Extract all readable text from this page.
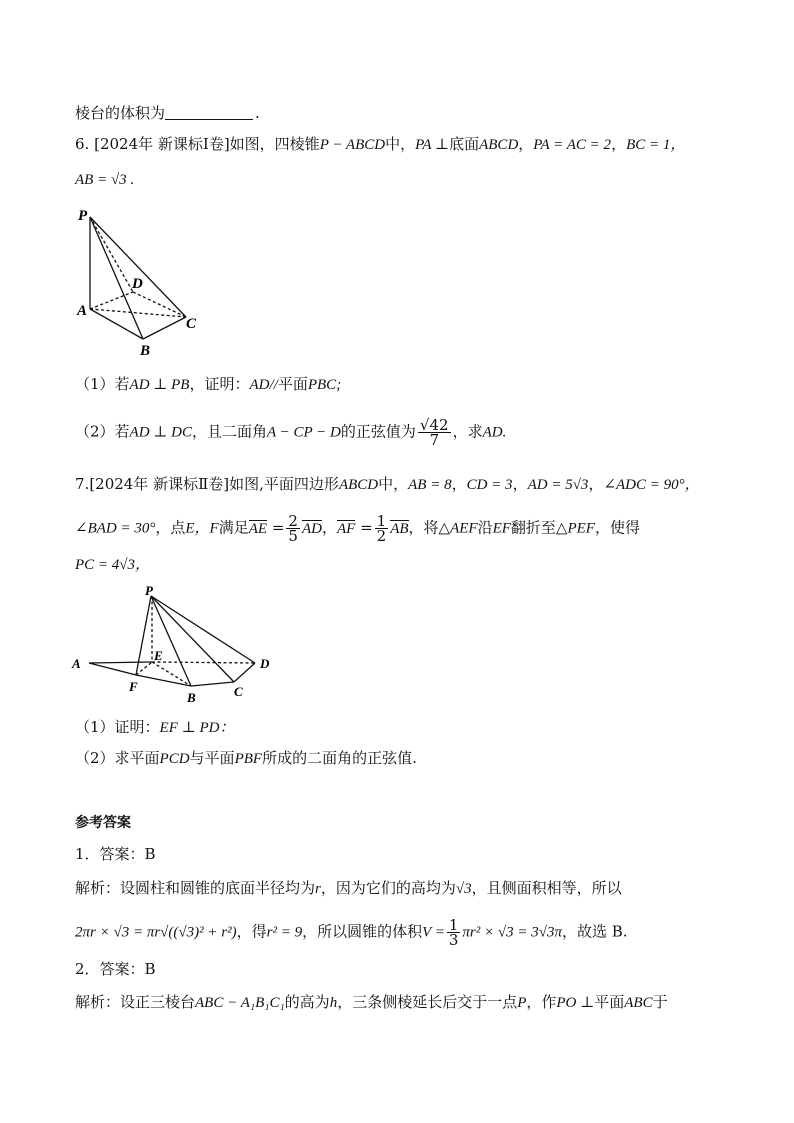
棱台的体积为	.
6. [2024年 新课标Ⅰ卷]如图，四棱锥P − ABCD中，PA ⊥底面ABCD，PA = AC = 2，BC = 1，
AB = √3 .
P
A
B
C
D
（1）若AD ⊥ PB，证明：AD//平面PBC;
（2）若AD ⊥ DC，且二面角A − CP − D的正弦值为 $\frac{√42}{7}$ ，求AD.
7.[2024年 新课标Ⅱ卷]如图,平面四边形ABCD中，AB = 8，CD = 3，AD = 5√3，∠ADC = 90°，
∠BAD = 30°，点E，F满足AE = $\frac{2}{5}$ AD，AF = $\frac{1}{2}$ AB，将△AEF沿EF翻折至△PEF，使得
PC = 4√3，
P
A
E
F
B	C
D
（1）证明：EF ⊥ PD：
（2）求平面PCD与平面PBF所成的二面角的正弦值.
参考答案
1．答案：B
解析：设圆柱和圆锥的底面半径均为r，因为它们的高均为√3，且侧面积相等，所以
2πr × √3 = πr√((√3)² + r²)，得r² = 9，所以圆锥的体积$V = \frac{1}{3} \pi r^2 \times √3 = 3√3\pi$，故选 B.
2．答案：B
解析：设正三棱台ABC − A₁B₁C₁的高为h，三条侧棱延长后交于一点P，作PO ⊥平面ABC于
